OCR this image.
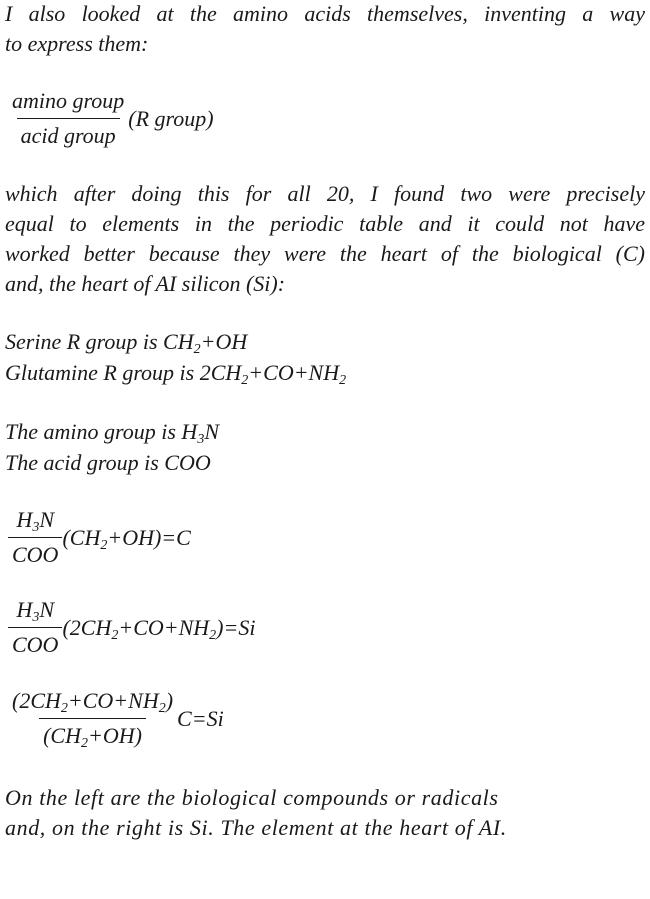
I also looked at the amino acids themselves, inventing a way
to express them:
$\frac{\text{amino group}}{\text{acid group}} (R$ group)
which after doing this for all 20, I found two were precisely
equal to elements in the periodic table and it could not have
worked better because they were the heart of the biological (C)
and, the heart of AI silicon (Si):
Serine R group is $CH_2+OH$
Glutamine R group is $2CH_2+CO+NH_2$
The amino group is $H_3N$
The acid group is COO
$\frac{H_3N}{\text{COO}} (CH_2+OH)=C$
$\frac{H_3N}{\text{COO}} (2CH_2+CO+NH_2)=Si$
$\frac{(2CH_2+CO+NH_2)}{(CH_2+OH)} C=Si$
On the left are the biological compounds or radicals
and, on the right is Si. The element at the heart of AI.
